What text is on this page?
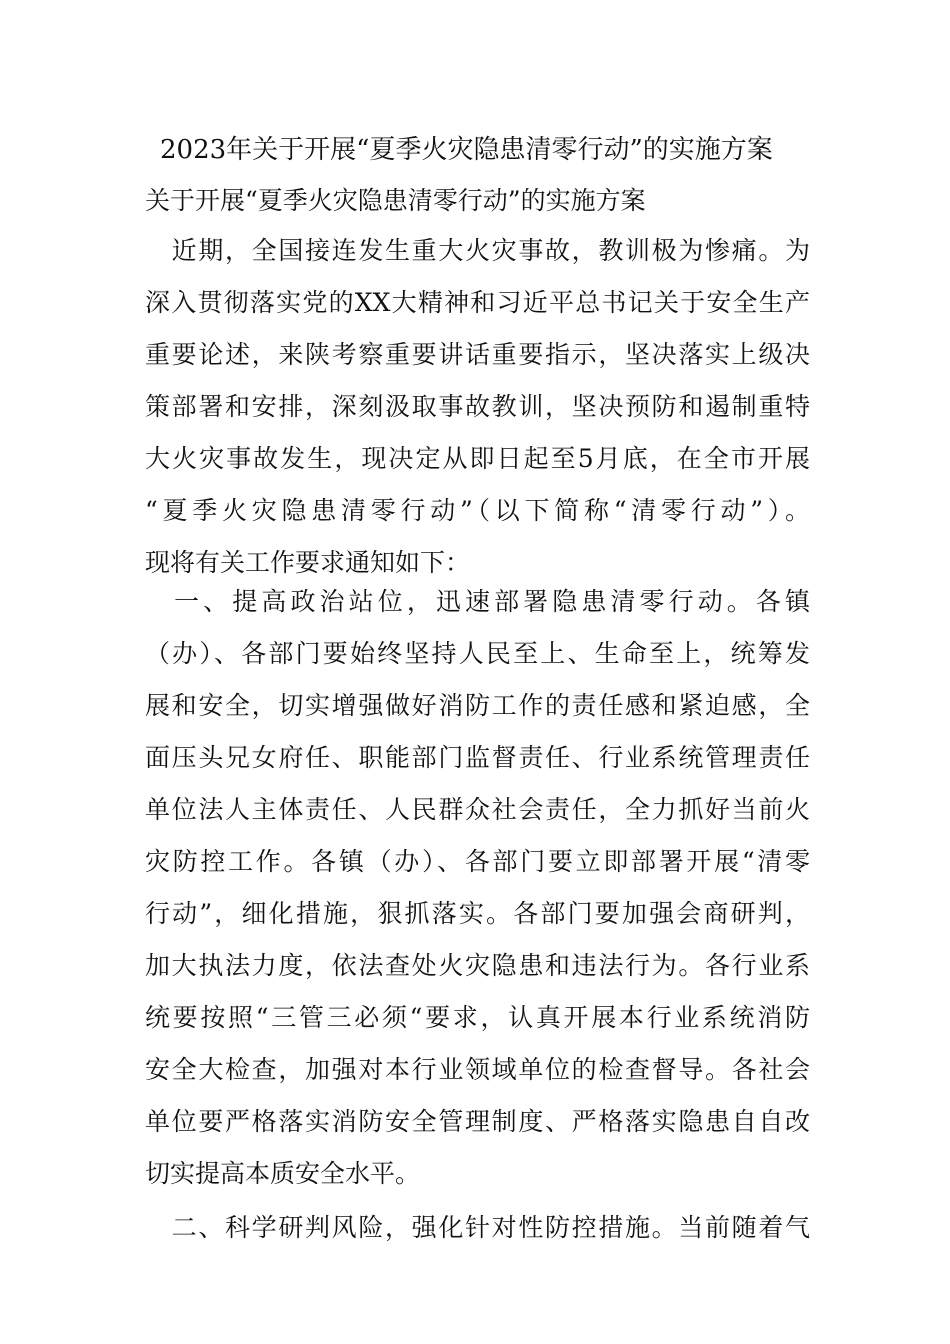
2023年关于开展“夏季火灾隐患清零行动”的实施方案
关于开展“夏季火灾隐患清零行动”的实施方案
　近期，全国接连发生重大火灾事故，教训极为惨痛。为
深入贯彻落实党的XX大精神和习近平总书记关于安全生产
重要论述，来陕考察重要讲话重要指示，坚决落实上级决
策部署和安排，深刻汲取事故教训，坚决预防和遏制重特
大火灾事故发生，现决定从即日起至5月底，在全市开展
“夏季火灾隐患清零行动”（以下简称“清零行动”）。
现将有关工作要求通知如下：
　一、提高政治站位，迅速部署隐患清零行动。各镇
（办）、各部门要始终坚持人民至上、生命至上，统筹发
展和安全，切实增强做好消防工作的责任感和紧迫感，全
面压头兄女府任、职能部门监督责任、行业系统管理责任
单位法人主体责任、人民群众社会责任，全力抓好当前火
灾防控工作。各镇（办）、各部门要立即部署开展“清零
行动”，细化措施，狠抓落实。各部门要加强会商研判，
加大执法力度，依法查处火灾隐患和违法行为。各行业系
统要按照“三管三必须“要求，认真开展本行业系统消防
安全大检查，加强对本行业领域单位的检查督导。各社会
单位要严格落实消防安全管理制度、严格落实隐患自自改
切实提高本质安全水平。
　二、科学研判风险，强化针对性防控措施。当前随着气
